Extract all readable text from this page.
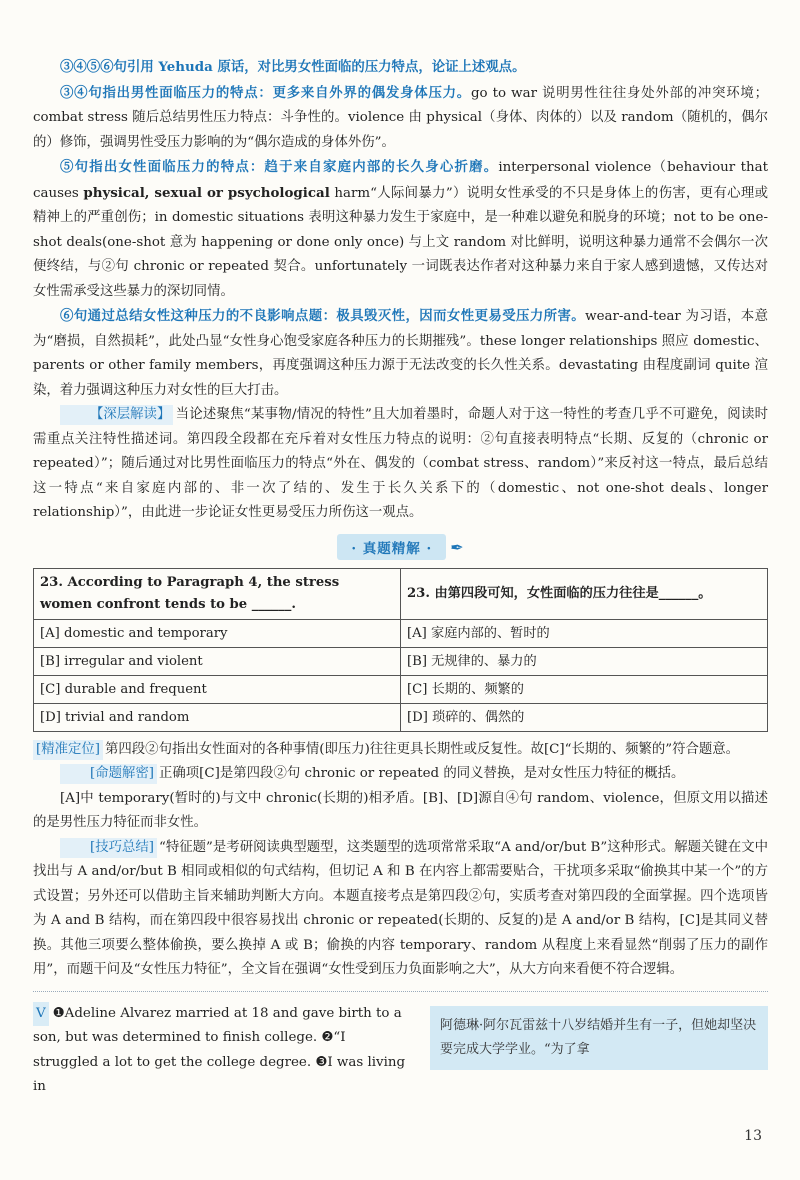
③④⑤⑥句引用 Yehuda 原话，对比男女性面临的压力特点，论证上述观点。

③④句指出男性面临压力的特点：更多来自外界的偶发身体压力。go to war 说明男性往往身处外部的冲突环境；combat stress 随后总结男性压力特点：斗争性的。violence 由 physical（身体、肉体的）以及 random（随机的，偶尔的）修饰，强调男性受压力影响的为“偶尔造成的身体外伤”。

⑤句指出女性面临压力的特点：趋于来自家庭内部的长久身心折磨。interpersonal violence（behaviour that causes physical, sexual or psychological harm“人际间暴力”）说明女性承受的不只是身体上的伤害，更有心理或精神上的严重创伤；in domestic situations 表明这种暴力发生于家庭中，是一种难以避免和脱身的环境；not to be one-shot deals(one-shot 意为 happening or done only once) 与上文 random 对比鲜明，说明这种暴力通常不会偶尔一次便终结，与②句 chronic or repeated 契合。unfortunately 一词既表达作者对这种暴力来自于家人感到遗憾，又传达对女性需承受这些暴力的深切同情。

⑥句通过总结女性这种压力的不良影响点题：极具毁灭性，因而女性更易受压力所害。wear-and-tear 为习语，本意为“磨损，自然损耗”，此处凸显“女性身心饱受家庭各种压力的长期摧残”。these longer relationships 照应 domestic、parents or other family members，再度强调这种压力源于无法改变的长久性关系。devastating 由程度副词 quite 渲染，着力强调这种压力对女性的巨大打击。

【深层解读】 当论述聚焦“某事物/情况的特性”且大加着墨时，命题人对于这一特性的考查几乎不可避免，阅读时需重点关注特性描述词。第四段全段都在充斥着对女性压力特点的说明：②句直接表明特点“长期、反复的（chronic or repeated）”；随后通过对比男性面临压力的特点“外在、偶发的（combat stress、random）”来反衬这一特点，最后总结这一特点“来自家庭内部的、非一次了结的、发生于长久关系下的（domestic、not one-shot deals、longer relationship）”，由此进一步论证女性更易受压力所伤这一观点。

· 真题精解 · ✒
23. According to Paragraph 4, the stress women confront tends to be ______.	23. 由第四段可知，女性面临的压力往往是______。
[A] domestic and temporary	[A] 家庭内部的、暂时的
[B] irregular and violent	[B] 无规律的、暴力的
[C] durable and frequent	[C] 长期的、频繁的
[D] trivial and random	[D] 琐碎的、偶然的

[精准定位] 第四段②句指出女性面对的各种事情(即压力)往往更具长期性或反复性。故[C]“长期的、频繁的”符合题意。

[命题解密] 正确项[C]是第四段②句 chronic or repeated 的同义替换，是对女性压力特征的概括。

[A]中 temporary(暂时的)与文中 chronic(长期的)相矛盾。[B]、[D]源自④句 random、violence，但原文用以描述的是男性压力特征而非女性。

[技巧总结] “特征题”是考研阅读典型题型，这类题型的选项常常采取“A and/or/but B”这种形式。解题关键在文中找出与 A and/or/but B 相同或相似的句式结构，但切记 A 和 B 在内容上都需要贴合，干扰项多采取“偷换其中某一个”的方式设置；另外还可以借助主旨来辅助判断大方向。本题直接考点是第四段②句，实质考查对第四段的全面掌握。四个选项皆为 A and B 结构，而在第四段中很容易找出 chronic or repeated(长期的、反复的)是 A and/or B 结构，[C]是其同义替换。其他三项要么整体偷换，要么换掉 A 或 B；偷换的内容 temporary、random 从程度上来看显然“削弱了压力的副作用”，而题干问及“女性压力特征”，全文旨在强调“女性受到压力负面影响之大”，从大方向来看便不符合逻辑。

V ❶Adeline Alvarez married at 18 and gave birth to a son, but was determined to finish college. ❷“I struggled a lot to get the college degree. ❸I was living in
阿德琳·阿尔瓦雷兹十八岁结婚并生有一子，但她却坚决要完成大学学业。“为了拿
13
